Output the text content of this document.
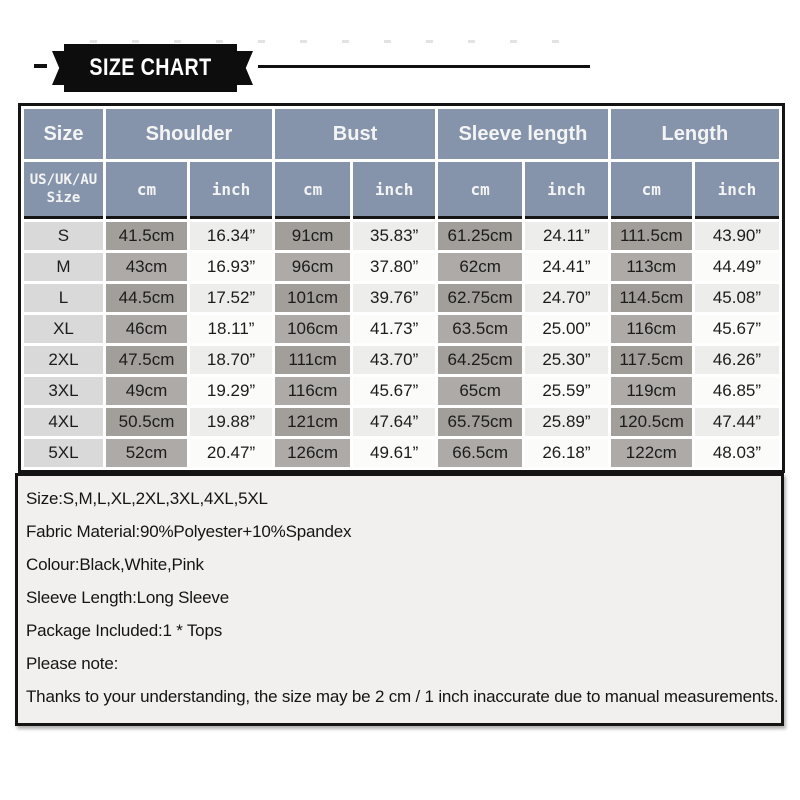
SIZE CHART
Size	Shoulder		Bust		Sleeve length		Length	
US/UK/AU Size	cm	inch	cm	inch	cm	inch	cm	inch
S	41.5cm	16.34”	91cm	35.83”	61.25cm	24.11”	111.5cm	43.90”
M	43cm	16.93”	96cm	37.80”	62cm	24.41”	113cm	44.49”
L	44.5cm	17.52”	101cm	39.76”	62.75cm	24.70”	114.5cm	45.08”
XL	46cm	18.11”	106cm	41.73”	63.5cm	25.00”	116cm	45.67”
2XL	47.5cm	18.70”	111cm	43.70”	64.25cm	25.30”	117.5cm	46.26”
3XL	49cm	19.29”	116cm	45.67”	65cm	25.59”	119cm	46.85”
4XL	50.5cm	19.88”	121cm	47.64”	65.75cm	25.89”	120.5cm	47.44”
5XL	52cm	20.47”	126cm	49.61”	66.5cm	26.18”	122cm	48.03”
Size:S,M,L,XL,2XL,3XL,4XL,5XL
Fabric Material:90%Polyester+10%Spandex
Colour:Black,White,Pink
Sleeve Length:Long Sleeve
Package Included:1 * Tops
Please note:
Thanks to your understanding, the size may be 2 cm / 1 inch inaccurate due to manual measurements.
